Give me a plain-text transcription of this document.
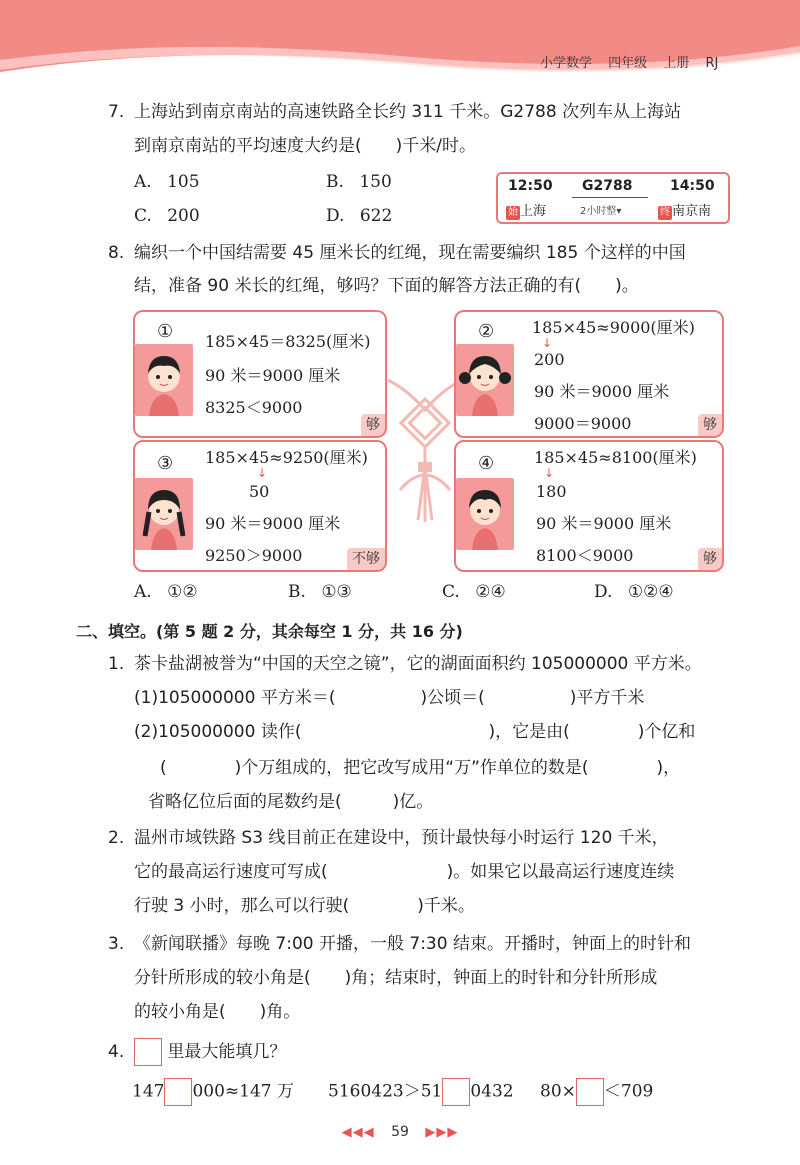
小学数学 四年级 上册 RJ
7. 上海站到南京南站的高速铁路全长约 311 千米。G2788 次列车从上海站
到南京南站的平均速度大约是(　　)千米/时。
A. 105	B. 150
C. 200	D. 622
12:50 G2788	14:50
始 上海	2小时整▾	终 南京南
8. 编织一个中国结需要 45 厘米长的红绳，现在需要编织 185 个这样的中国
结，准备 90 米长的红绳，够吗？下面的解答方法正确的有(　　)。
① 185×45＝8325(厘米)
90 米＝9000 厘米
8325＜9000
够
② 185×45≈9000(厘米)
↓
200
90 米＝9000 厘米
9000＝9000	够
③ 185×45≈9250(厘米)
↓
50
90 米＝9000 厘米
9250＞9000	不够
④ 185×45≈8100(厘米)
↓
180
90 米＝9000 厘米
8100＜9000	够
A. ①②	B. ①③	C. ②④	D. ①②④
二、填空。(第 5 题 2 分，其余每空 1 分，共 16 分)
1. 茶卡盐湖被誉为“中国的天空之镜”，它的湖面面积约 105000000 平方米。
(1)105000000 平方米＝(　　　　　)公顷＝(　　　　　)平方千米
(2)105000000 读作(　　　　　　　　　　　)，它是由(　　　　)个亿和
(　　　　)个万组成的，把它改写成用“万”作单位的数是(　　　　)，
省略亿位后面的尾数约是(　　　)亿。
2. 温州市域铁路 S3 线目前正在建设中，预计最快每小时运行 120 千米，
它的最高运行速度可写成(　　　　　　　)。如果它以最高运行速度连续
行驶 3 小时，那么可以行驶(　　　　)千米。
3. 《新闻联播》每晚 7:00 开播，一般 7:30 结束。开播时，钟面上的时针和
分针所形成的较小角是(　　)角；结束时，钟面上的时针和分针所形成
的较小角是(　　)角。
4.	里最大能填几？
147 000≈147 万 5160423＞51 0432 80× ＜709
◀◀◀ 59 ▶▶▶
